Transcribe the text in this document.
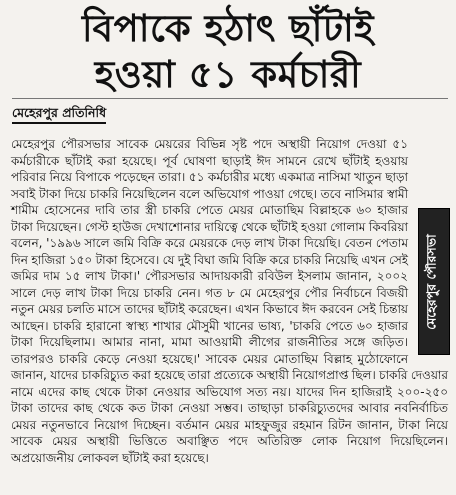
বিপাকে হঠাৎ ছাঁটাই
হওয়া ৫১ কর্মচারী
মেহেরপুর প্রতিনিধি
মেহেরপুর পৌরসভা
মেহেরপুর পৌরসভার সাবেক মেয়রের বিভিন্ন সৃষ্ট পদে অস্থায়ী নিয়োগ দেওয়া ৫১ কর্মচারীকে ছাঁটাই করা হয়েছে। পূর্ব ঘোষণা ছাড়াই ঈদ সামনে রেখে ছাঁটাই হওয়ায় পরিবার নিয়ে বিপাকে পড়েছেন তারা। ৫১ কর্মচারীর মধ্যে একমাত্র নাসিমা খাতুন ছাড়া সবাই টাকা দিয়ে চাকরি নিয়েছিলেন বলে অভিযোগ পাওয়া গেছে। তবে নাসিমার স্বামী শামীম হোসেনের দাবি তার স্ত্রী চাকরি পেতে মেয়র মোতাছিম বিল্লাহকে ৬০ হাজার টাকা দিয়েছেন। গেস্ট হাউজ দেখাশোনার দায়িত্বে থেকে ছাঁটাই হওয়া গোলাম কিবরিয়া বলেন, '১৯৯৬ সালে জমি বিক্রি করে মেয়রকে দেড় লাখ টাকা দিয়েছি। বেতন পেতাম দিন হাজিরা ১৫০ টাকা হিসেবে। যে দুই বিঘা জমি বিক্রি করে চাকরি নিয়েছি এখন সেই জমির দাম ১৫ লাখ টাকা।' পৌরসভার আদায়কারী রবিউল ইসলাম জানান, ২০০২ সালে দেড় লাখ টাকা দিয়ে চাকরি নেন। গত ৮ মে মেহেরপুর পৌর নির্বাচনে বিজয়ী নতুন মেয়র চলতি মাসে তাদের ছাঁটাই করেছেন। এখন কিভাবে ঈদ করবেন সেই চিন্তায় আছেন। চাকরি হারানো স্বাস্থ্য শাখার মৌসুমী খানের ভাষ্য, 'চাকরি পেতে ৬০ হাজার টাকা দিয়েছিলাম। আমার নানা, মামা আওয়ামী লীগের রাজনীতির সঙ্গে জড়িত। তারপরও চাকরি কেড়ে নেওয়া হয়েছে।' সাবেক মেয়র মোতাছিম বিল্লাহ মুঠোফোনে জানান, যাদের চাকরিচ্যুত করা হয়েছে তারা প্রত্যেকে অস্থায়ী নিয়োগপ্রাপ্ত ছিল। চাকরি দেওয়ার নামে এদের কাছ থেকে টাকা নেওয়ার অভিযোগ সত্য নয়। যাদের দিন হাজিরাই ২০০-২৫০ টাকা তাদের কাছ থেকে কত টাকা নেওয়া সম্ভব। তাছাড়া চাকরিচ্যুতদের আবার নবনির্বাচিত মেয়র নতুনভাবে নিয়োগ দিচ্ছেন। বর্তমান মেয়র মাহফুজুর রহমান রিটন জানান, টাকা নিয়ে সাবেক মেয়র অস্থায়ী ভিত্তিতে অবাঞ্ছিত পদে অতিরিক্ত লোক নিয়োগ দিয়েছিলেন। অপ্রয়োজনীয় লোকবল ছাঁটাই করা হয়েছে।
